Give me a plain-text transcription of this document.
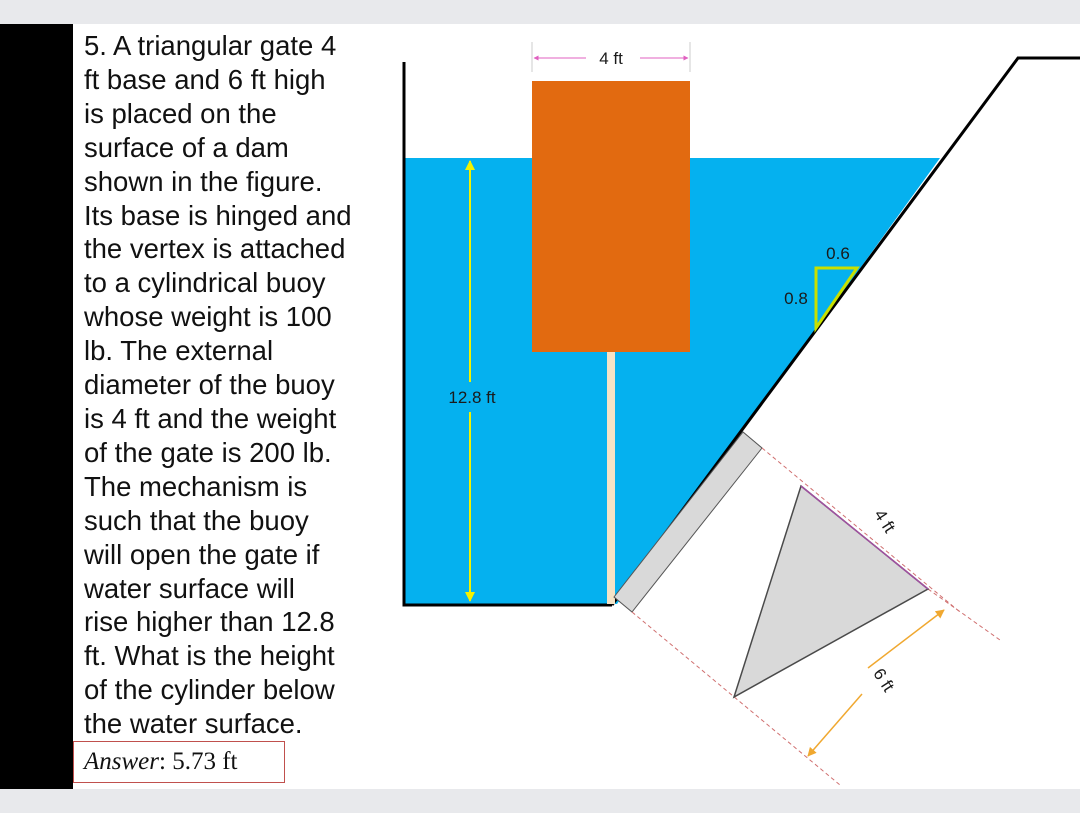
5. A triangular gate 4
ft base and 6 ft high
is placed on the
surface of a dam
shown in the figure.
Its base is hinged and
the vertex is attached
to a cylindrical buoy
whose weight is 100
lb. The external
diameter of the buoy
is 4 ft and the weight
of the gate is 200 lb.
The mechanism is
such that the buoy
will open the gate if
water surface will
rise higher than 12.8
ft. What is the height
of the cylinder below
the water surface.

Answer: 5.73 ft
4 ft
12.8 ft
0.6
0.8
4 ft
6 ft
